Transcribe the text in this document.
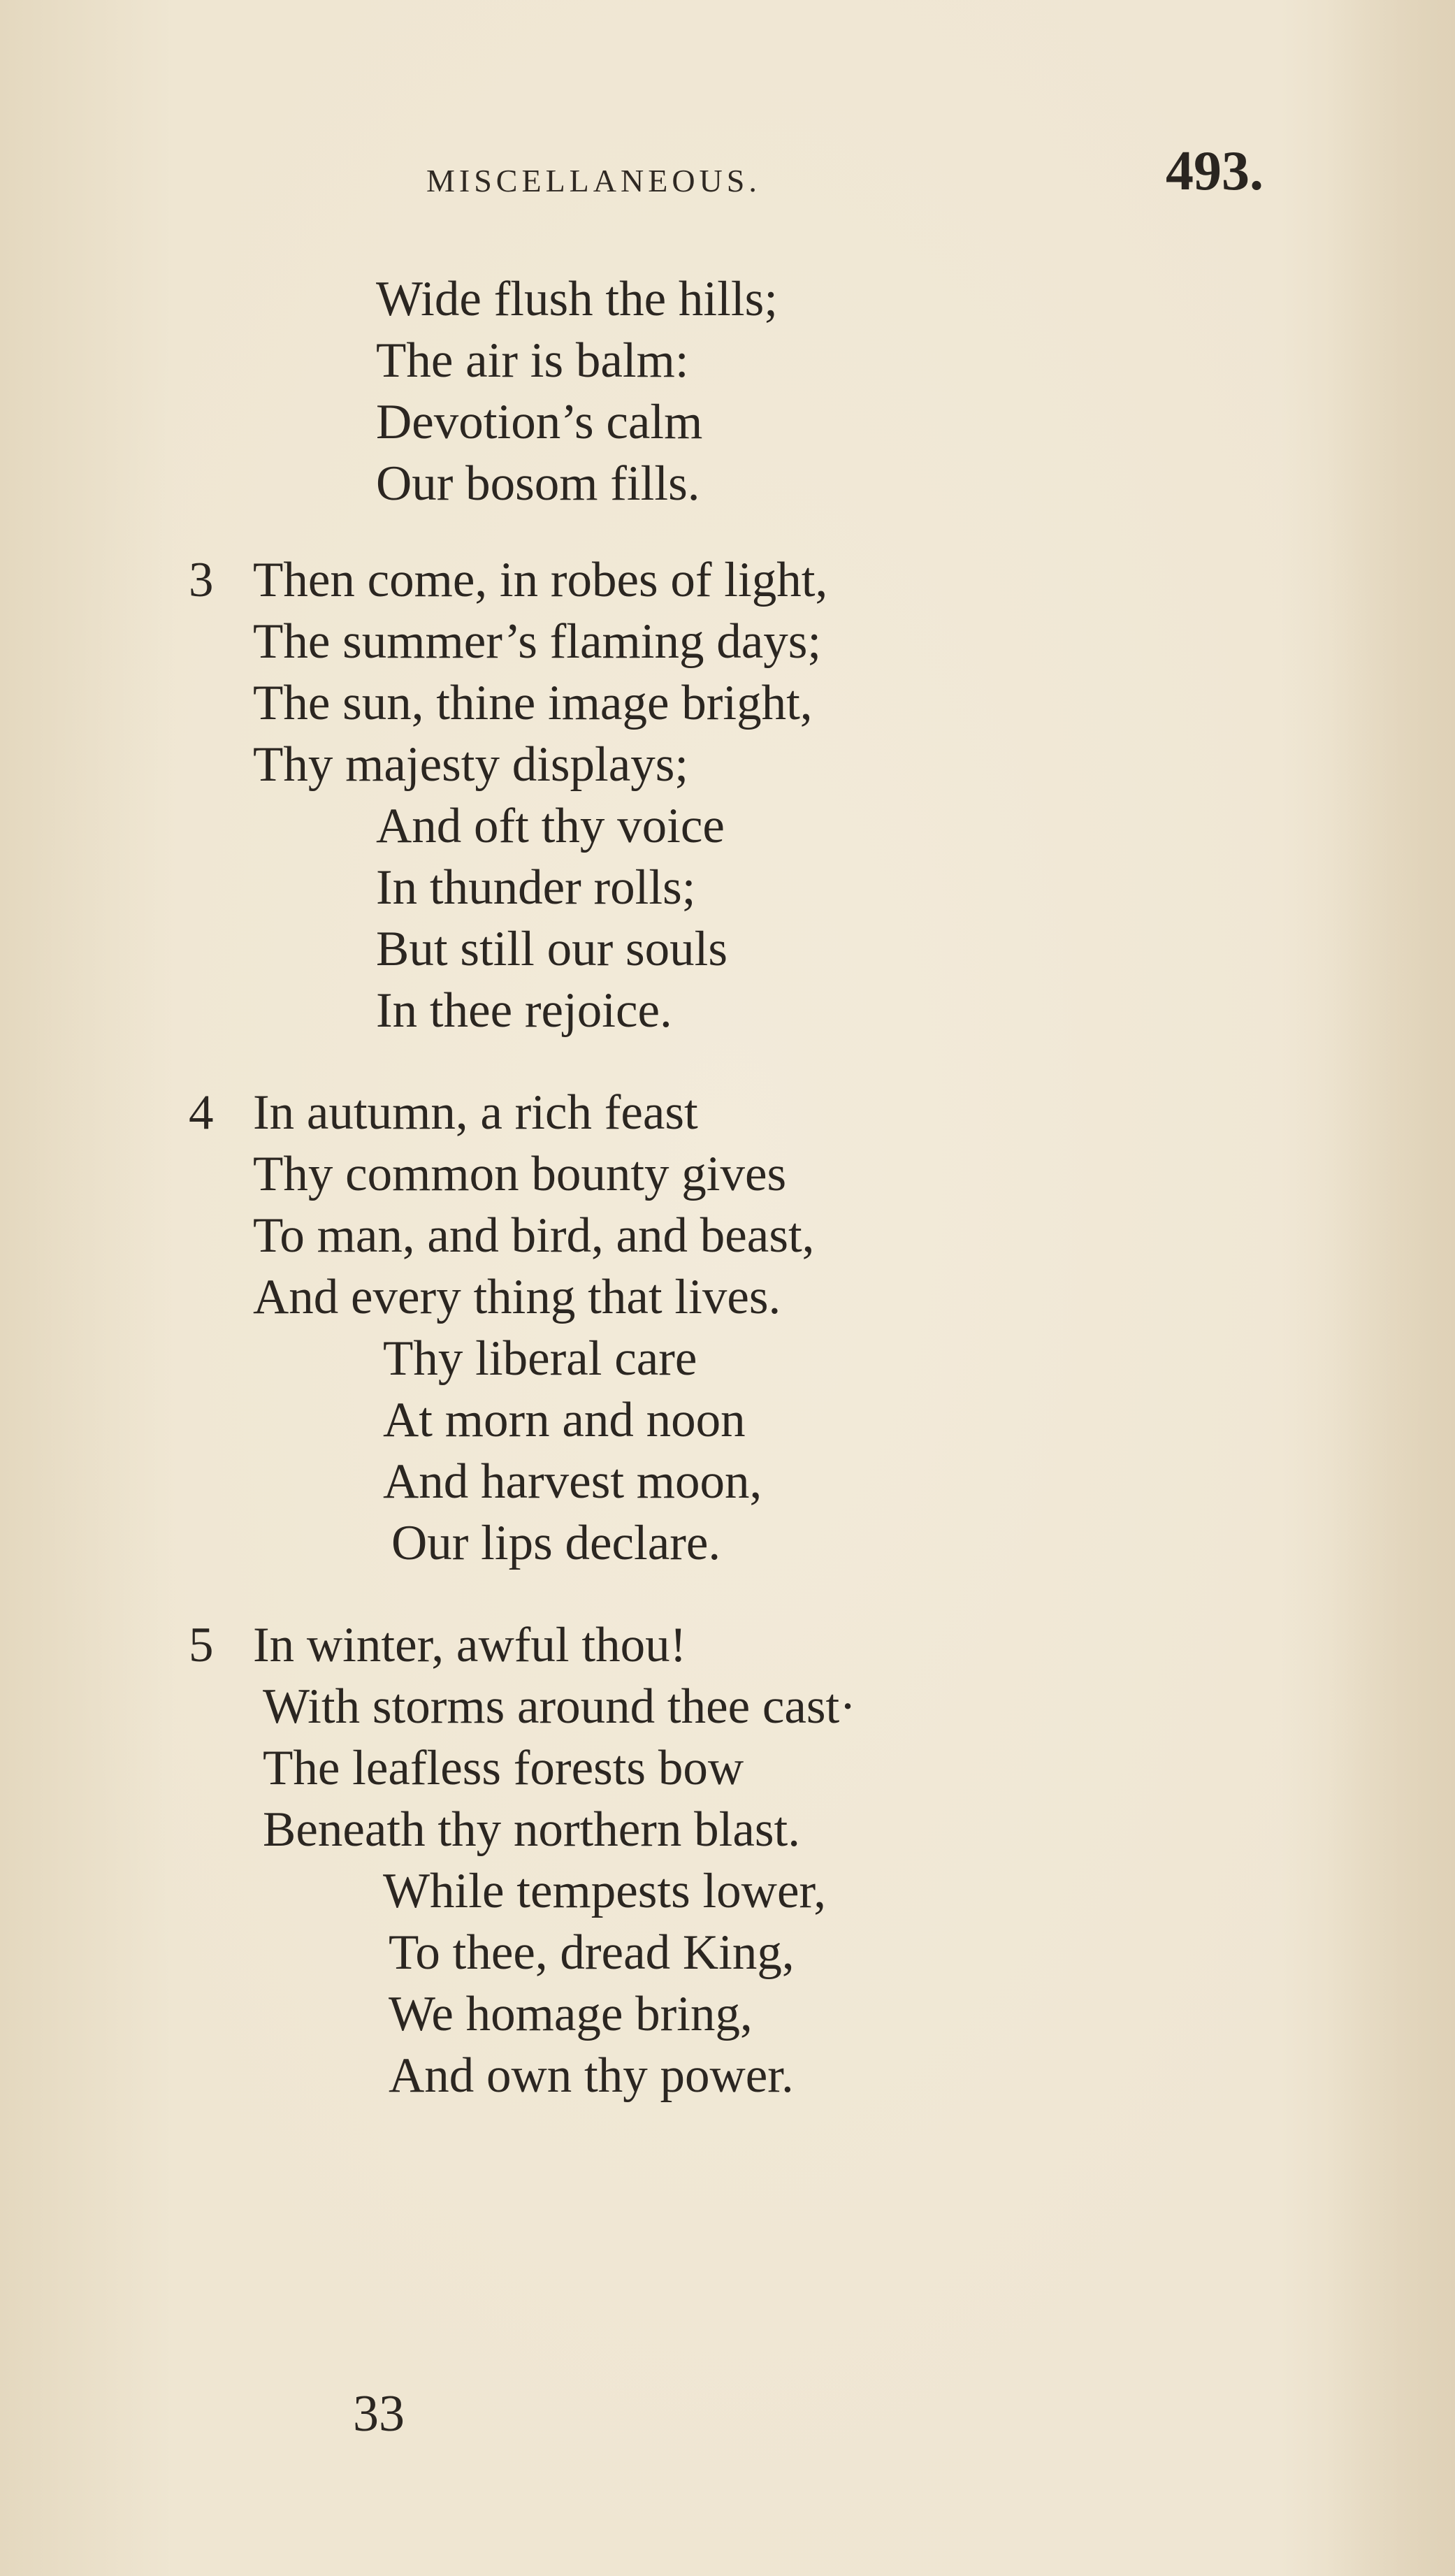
MISCELLANEOUS.	493.
Wide flush the hills;
The air is balm:
Devotion’s calm
Our bosom fills.
3 Then come, in robes of light,
The summer’s flaming days;
The sun, thine image bright,
Thy majesty displays;
And oft thy voice
In thunder rolls;
But still our souls
In thee rejoice.
4 In autumn, a rich feast
Thy common bounty gives
To man, and bird, and beast,
And every thing that lives.
Thy liberal care
At morn and noon
And harvest moon,
Our lips declare.
5 In winter, awful thou!
With storms around thee cast·
The leafless forests bow
Beneath thy northern blast.
While tempests lower,
To thee, dread King,
We homage bring,
And own thy power.
33
